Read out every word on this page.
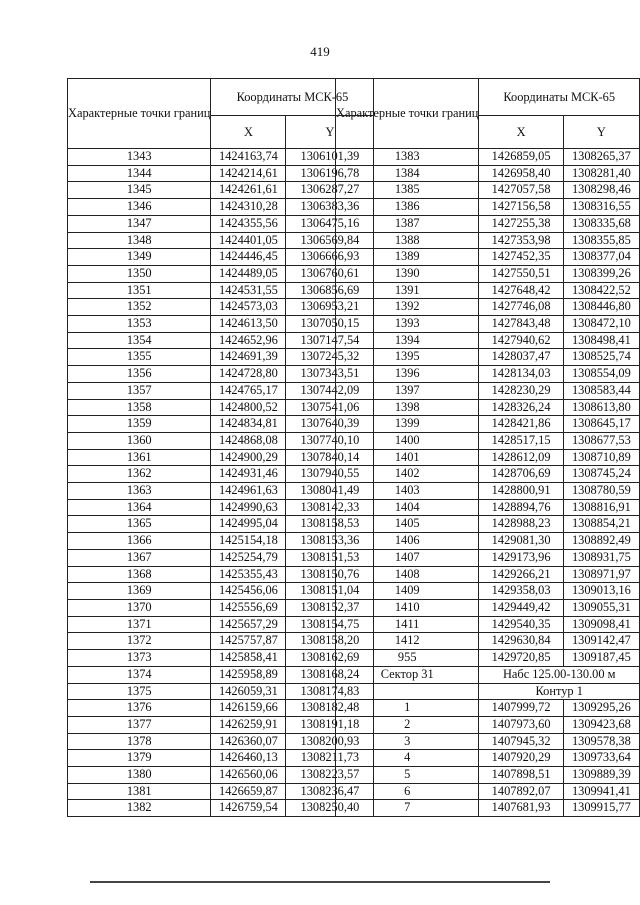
419
Характерные точки границ	Координаты МСК-65	
	X	Y
1343	1424163,74	1306101,39
1344	1424214,61	1306196,78
1345	1424261,61	1306287,27
1346	1424310,28	1306383,36
1347	1424355,56	1306475,16
1348	1424401,05	1306569,84
1349	1424446,45	1306666,93
1350	1424489,05	1306760,61
1351	1424531,55	1306856,69
1352	1424573,03	1306953,21
1353	1424613,50	1307050,15
1354	1424652,96	1307147,54
1355	1424691,39	1307245,32
1356	1424728,80	1307343,51
1357	1424765,17	1307442,09
1358	1424800,52	1307541,06
1359	1424834,81	1307640,39
1360	1424868,08	1307740,10
1361	1424900,29	1307840,14
1362	1424931,46	1307940,55
1363	1424961,63	1308041,49
1364	1424990,63	1308142,33
1365	1424995,04	1308158,53
1366	1425154,18	1308153,36
1367	1425254,79	1308151,53
1368	1425355,43	1308150,76
1369	1425456,06	1308151,04
1370	1425556,69	1308152,37
1371	1425657,29	1308154,75
1372	1425757,87	1308158,20
1373	1425858,41	1308162,69
1374	1425958,89	1308168,24
1375	1426059,31	1308174,83
1376	1426159,66	1308182,48
1377	1426259,91	1308191,18
1378	1426360,07	1308200,93
1379	1426460,13	1308211,73
1380	1426560,06	1308223,57
1381	1426659,87	1308236,47
1382	1426759,54	1308250,40
Характерные точки границ	Координаты МСК-65	
	X	Y
1383	1426859,05	1308265,37
1384	1426958,40	1308281,40
1385	1427057,58	1308298,46
1386	1427156,58	1308316,55
1387	1427255,38	1308335,68
1388	1427353,98	1308355,85
1389	1427452,35	1308377,04
1390	1427550,51	1308399,26
1391	1427648,42	1308422,52
1392	1427746,08	1308446,80
1393	1427843,48	1308472,10
1394	1427940,62	1308498,41
1395	1428037,47	1308525,74
1396	1428134,03	1308554,09
1397	1428230,29	1308583,44
1398	1428326,24	1308613,80
1399	1428421,86	1308645,17
1400	1428517,15	1308677,53
1401	1428612,09	1308710,89
1402	1428706,69	1308745,24
1403	1428800,91	1308780,59
1404	1428894,76	1308816,91
1405	1428988,23	1308854,21
1406	1429081,30	1308892,49
1407	1429173,96	1308931,75
1408	1429266,21	1308971,97
1409	1429358,03	1309013,16
1410	1429449,42	1309055,31
1411	1429540,35	1309098,41
1412	1429630,84	1309142,47
955	1429720,85	1309187,45
Сектор 31	Набс 125.00-130.00 м	
	Контур 1	
1	1407999,72	1309295,26
2	1407973,60	1309423,68
3	1407945,32	1309578,38
4	1407920,29	1309733,64
5	1407898,51	1309889,39
6	1407892,07	1309941,41
7	1407681,93	1309915,77
